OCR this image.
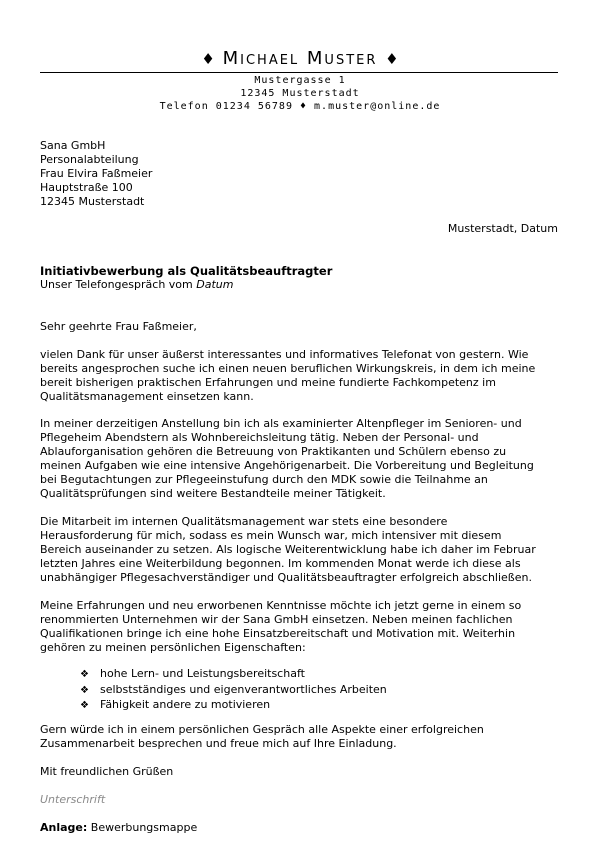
♦ Michael Muster ♦
Mustergasse 1
12345 Musterstadt
Telefon 01234 56789 ♦ m.muster@online.de
Sana GmbH
Personalabteilung
Frau Elvira Faßmeier
Hauptstraße 100
12345 Musterstadt
Musterstadt, Datum
Initiativbewerbung als Qualitätsbeauftragter
Unser Telefongespräch vom Datum
Sehr geehrte Frau Faßmeier,
vielen Dank für unser äußerst interessantes und informatives Telefonat von gestern. Wie
bereits angesprochen suche ich einen neuen beruflichen Wirkungskreis, in dem ich meine
bereit bisherigen praktischen Erfahrungen und meine fundierte Fachkompetenz im
Qualitätsmanagement einsetzen kann.
In meiner derzeitigen Anstellung bin ich als examinierter Altenpfleger im Senioren- und
Pflegeheim Abendstern als Wohnbereichsleitung tätig. Neben der Personal- und
Ablauforganisation gehören die Betreuung von Praktikanten und Schülern ebenso zu
meinen Aufgaben wie eine intensive Angehörigenarbeit. Die Vorbereitung und Begleitung
bei Begutachtungen zur Pflegeeinstufung durch den MDK sowie die Teilnahme an
Qualitätsprüfungen sind weitere Bestandteile meiner Tätigkeit.
Die Mitarbeit im internen Qualitätsmanagement war stets eine besondere
Herausforderung für mich, sodass es mein Wunsch war, mich intensiver mit diesem
Bereich auseinander zu setzen. Als logische Weiterentwicklung habe ich daher im Februar
letzten Jahres eine Weiterbildung begonnen. Im kommenden Monat werde ich diese als
unabhängiger Pflegesachverständiger und Qualitätsbeauftragter erfolgreich abschließen.
Meine Erfahrungen und neu erworbenen Kenntnisse möchte ich jetzt gerne in einem so
renommierten Unternehmen wir der Sana GmbH einsetzen. Neben meinen fachlichen
Qualifikationen bringe ich eine hohe Einsatzbereitschaft und Motivation mit. Weiterhin
gehören zu meinen persönlichen Eigenschaften:
❖ hohe Lern- und Leistungsbereitschaft
❖ selbstständiges und eigenverantwortliches Arbeiten
❖ Fähigkeit andere zu motivieren
Gern würde ich in einem persönlichen Gespräch alle Aspekte einer erfolgreichen
Zusammenarbeit besprechen und freue mich auf Ihre Einladung.
Mit freundlichen Grüßen
Unterschrift
Anlage: Bewerbungsmappe
